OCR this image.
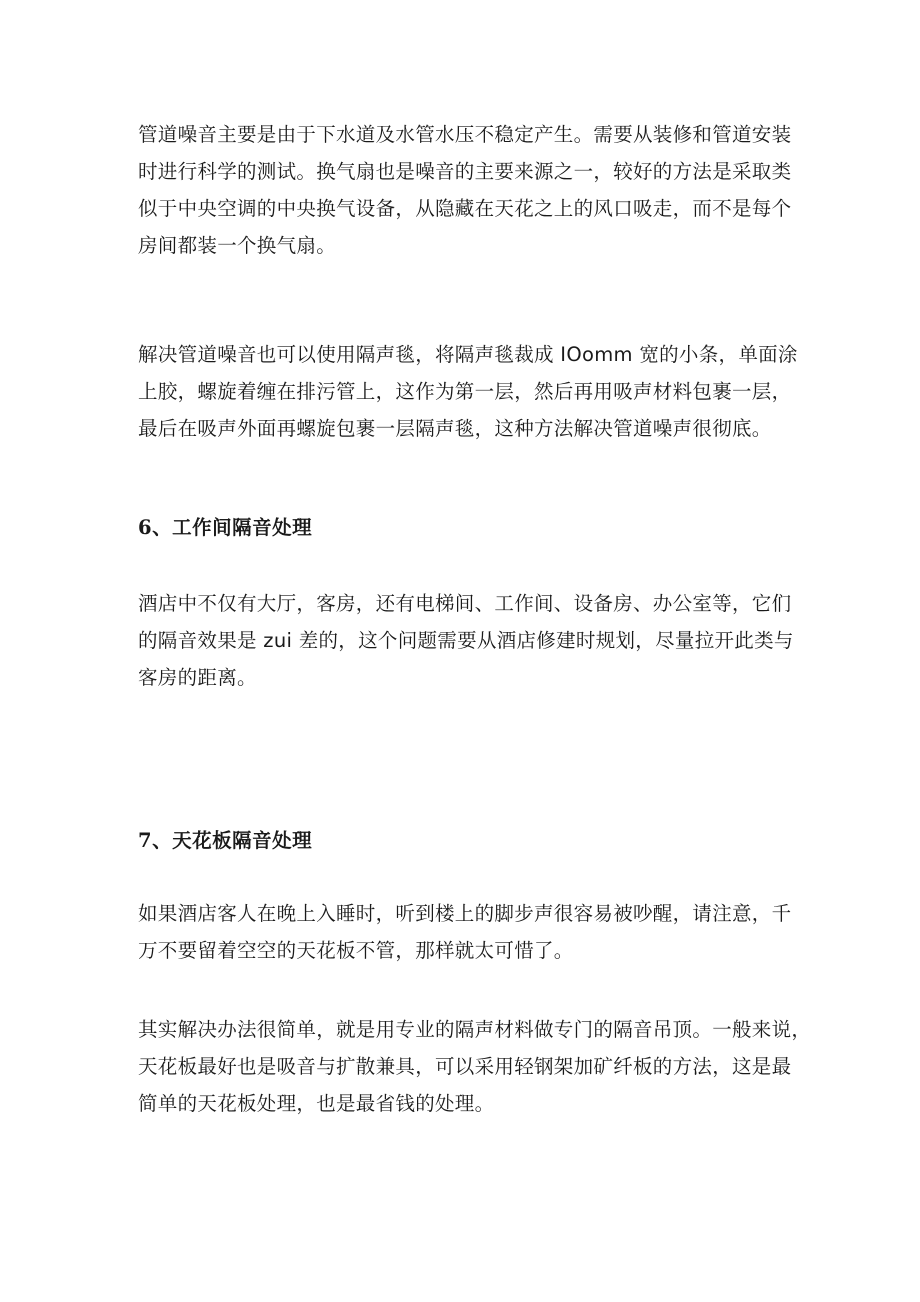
管道噪音主要是由于下水道及水管水压不稳定产生。需要从装修和管道安装
时进行科学的测试。换气扇也是噪音的主要来源之一，较好的方法是采取类
似于中央空调的中央换气设备，从隐藏在天花之上的风口吸走，而不是每个
房间都装一个换气扇。
解决管道噪音也可以使用隔声毯，将隔声毯裁成 IOomm 宽的小条，单面涂
上胶，螺旋着缠在排污管上，这作为第一层，然后再用吸声材料包裹一层，
最后在吸声外面再螺旋包裹一层隔声毯，这种方法解决管道噪声很彻底。
6、工作间隔音处理
酒店中不仅有大厅，客房，还有电梯间、工作间、设备房、办公室等，它们
的隔音效果是 zui 差的，这个问题需要从酒店修建时规划，尽量拉开此类与
客房的距离。
7、天花板隔音处理
如果酒店客人在晚上入睡时，听到楼上的脚步声很容易被吵醒，请注意，千
万不要留着空空的天花板不管，那样就太可惜了。
其实解决办法很简单，就是用专业的隔声材料做专门的隔音吊顶。一般来说，
天花板最好也是吸音与扩散兼具，可以采用轻钢架加矿纤板的方法，这是最
简单的天花板处理，也是最省钱的处理。
